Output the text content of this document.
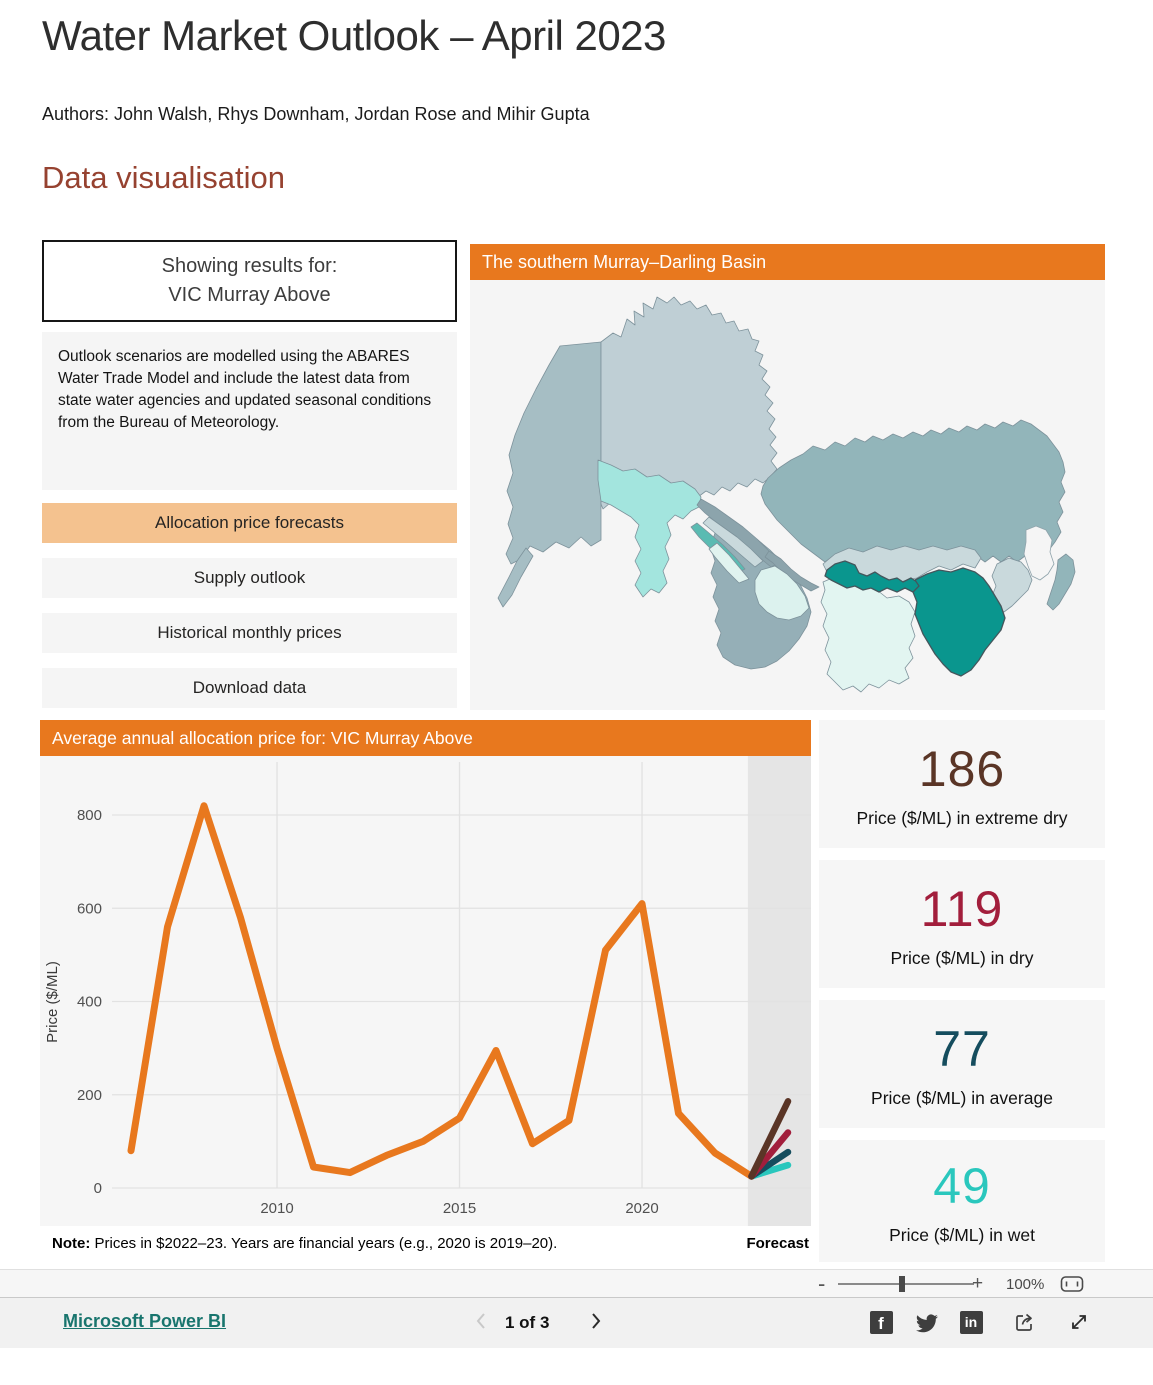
Water Market Outlook – April 2023
Authors: John Walsh, Rhys Downham, Jordan Rose and Mihir Gupta
Data visualisation
Showing results for:
VIC Murray Above
Outlook scenarios are modelled using the ABARES Water Trade Model and include the latest data from state water agencies and updated seasonal conditions from the Bureau of Meteorology.
Allocation price forecasts
Supply outlook
Historical monthly prices
Download data
The southern Murray–Darling Basin
Average annual allocation price for: VIC Murray Above
0
200
400
600
800
2010	2015	2020
Price ($/ML)
Note: Prices in $2022–23. Years are financial years (e.g., 2020 is 2019–20).	Forecast
186
Price ($/ML) in extreme dry
119
Price ($/ML) in dry
77
Price ($/ML) in average
49
Price ($/ML) in wet
-	+ 100%
Microsoft Power BI	1 of 3	f	in
